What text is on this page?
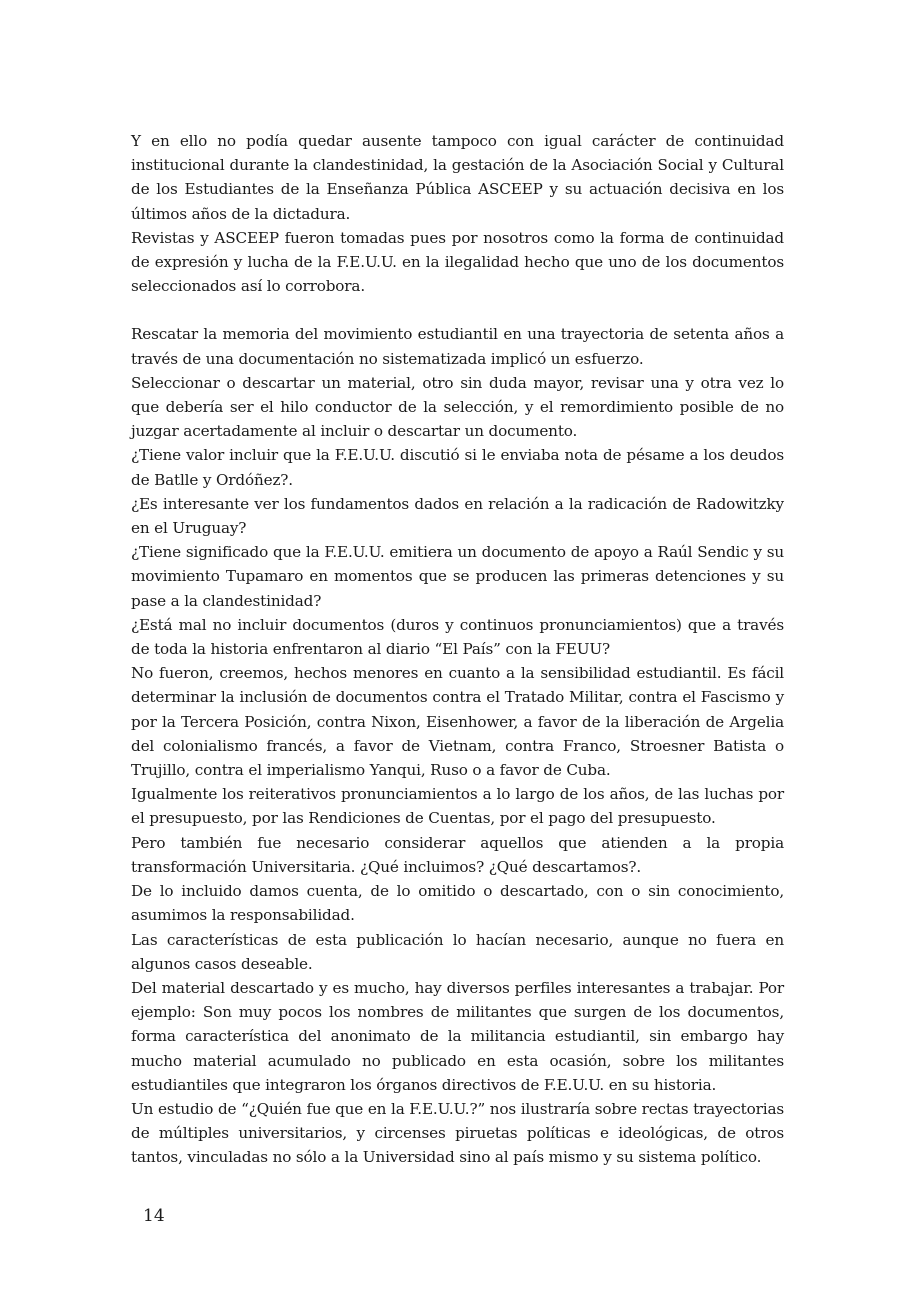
Y en ello no podía quedar ausente tampoco con igual carácter de continuidad institucional durante la clandestinidad, la gestación de la Asociación Social y Cultural de los Estudiantes de la Enseñanza Pública ASCEEP y su actuación decisiva en los últimos años de la dictadura.

Revistas y ASCEEP fueron tomadas pues por nosotros como la forma de continuidad de expresión y lucha de la F.E.U.U. en la ilegalidad hecho que uno de los documentos seleccionados así lo corrobora.

Rescatar la memoria del movimiento estudiantil en una trayectoria de setenta años a través de una documentación no sistematizada implicó un esfuerzo.

Seleccionar o descartar un material, otro sin duda mayor, revisar una y otra vez lo que debería ser el hilo conductor de la selección, y el remordimiento posible de no juzgar acertadamente al incluir o descartar un documento.

¿Tiene valor incluir que la F.E.U.U. discutió si le enviaba nota de pésame a los deudos de Batlle y Ordóñez?.

¿Es interesante ver los fundamentos dados en relación a la radicación de Radowitzky en el Uruguay?

¿Tiene significado que la F.E.U.U. emitiera un documento de apoyo a Raúl Sendic y su movimiento Tupamaro en momentos que se producen las primeras detenciones y su pase a la clandestinidad?

¿Está mal no incluir documentos (duros y continuos pronunciamientos) que a través de toda la historia enfrentaron al diario “El País” con la FEUU?

No fueron, creemos, hechos menores en cuanto a la sensibilidad estudiantil. Es fácil determinar la inclusión de documentos contra el Tratado Militar, contra el Fascismo y por la Tercera Posición, contra Nixon, Eisenhower, a favor de la liberación de Argelia del colonialismo francés, a favor de Vietnam, contra Franco, Stroesner Batista o Trujillo, contra el imperialismo Yanqui, Ruso o a favor de Cuba.

Igualmente los reiterativos pronunciamientos a lo largo de los años, de las luchas por el presupuesto, por las Rendiciones de Cuentas, por el pago del presupuesto.

Pero también fue necesario considerar aquellos que atienden a la propia transformación Universitaria. ¿Qué incluimos? ¿Qué descartamos?.

De lo incluido damos cuenta, de lo omitido o descartado, con o sin conocimiento, asumimos la responsabilidad.

Las características de esta publicación lo hacían necesario, aunque no fuera en algunos casos deseable.

Del material descartado y es mucho, hay diversos perfiles interesantes a trabajar. Por ejemplo: Son muy pocos los nombres de militantes que surgen de los documentos, forma característica del anonimato de la militancia estudiantil, sin embargo hay mucho material acumulado no publicado en esta ocasión, sobre los militantes estudiantiles que integraron los órganos directivos de F.E.U.U. en su historia.

Un estudio de “¿Quién fue que en la F.E.U.U.?” nos ilustraría sobre rectas trayectorias de múltiples universitarios, y circenses piruetas políticas e ideológicas, de otros tantos, vinculadas no sólo a la Universidad sino al país mismo y su sistema político.

14
